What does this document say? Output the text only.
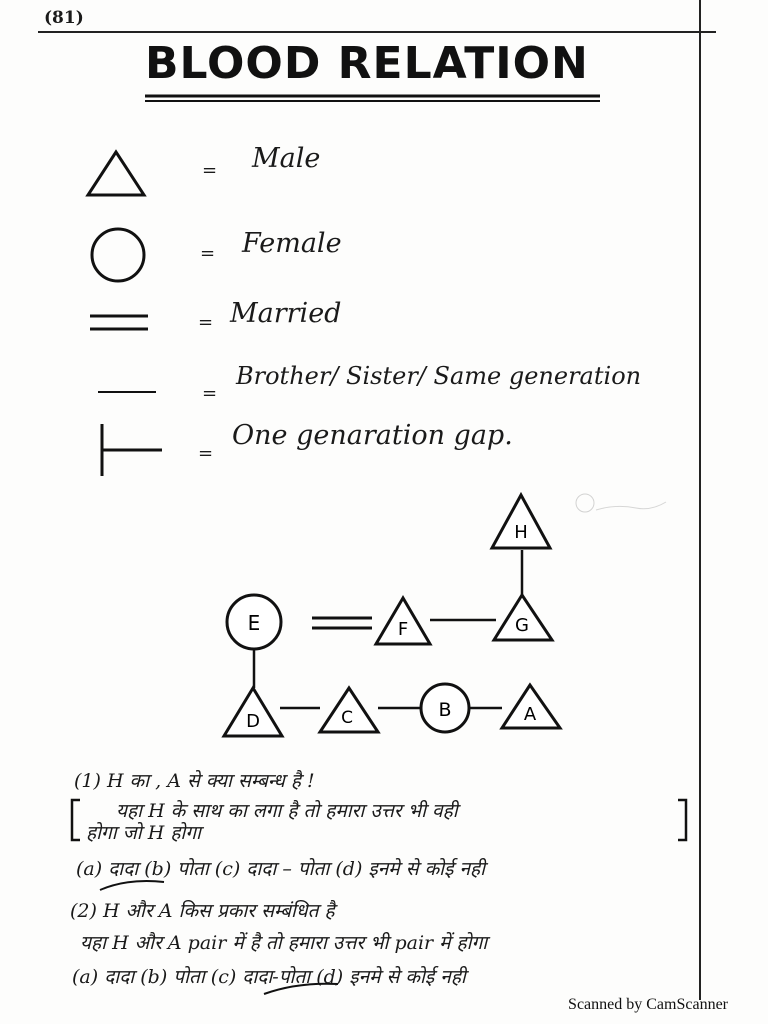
(81)
BLOOD RELATION
= Male
= Female
= Married
=
Brother/ Sister/ Same generation
=
One genaration gap.
H
E	F	G
D	C	B	A
(1) H का , A से क्या सम्बन्ध है !
यहा H के साथ का लगा है तो हमारा उत्तर भी वही
होगा जो H होगा
(a) दादा (b) पोता (c) दादा – पोता (d) इनमे से कोई नही
(2) H और A किस प्रकार सम्बंधित है
यहा H और A pair में है तो हमारा उत्तर भी pair में होगा
(a) दादा (b) पोता (c) दादा-पोता (d) इनमे से कोई नही
Scanned by CamScanner
